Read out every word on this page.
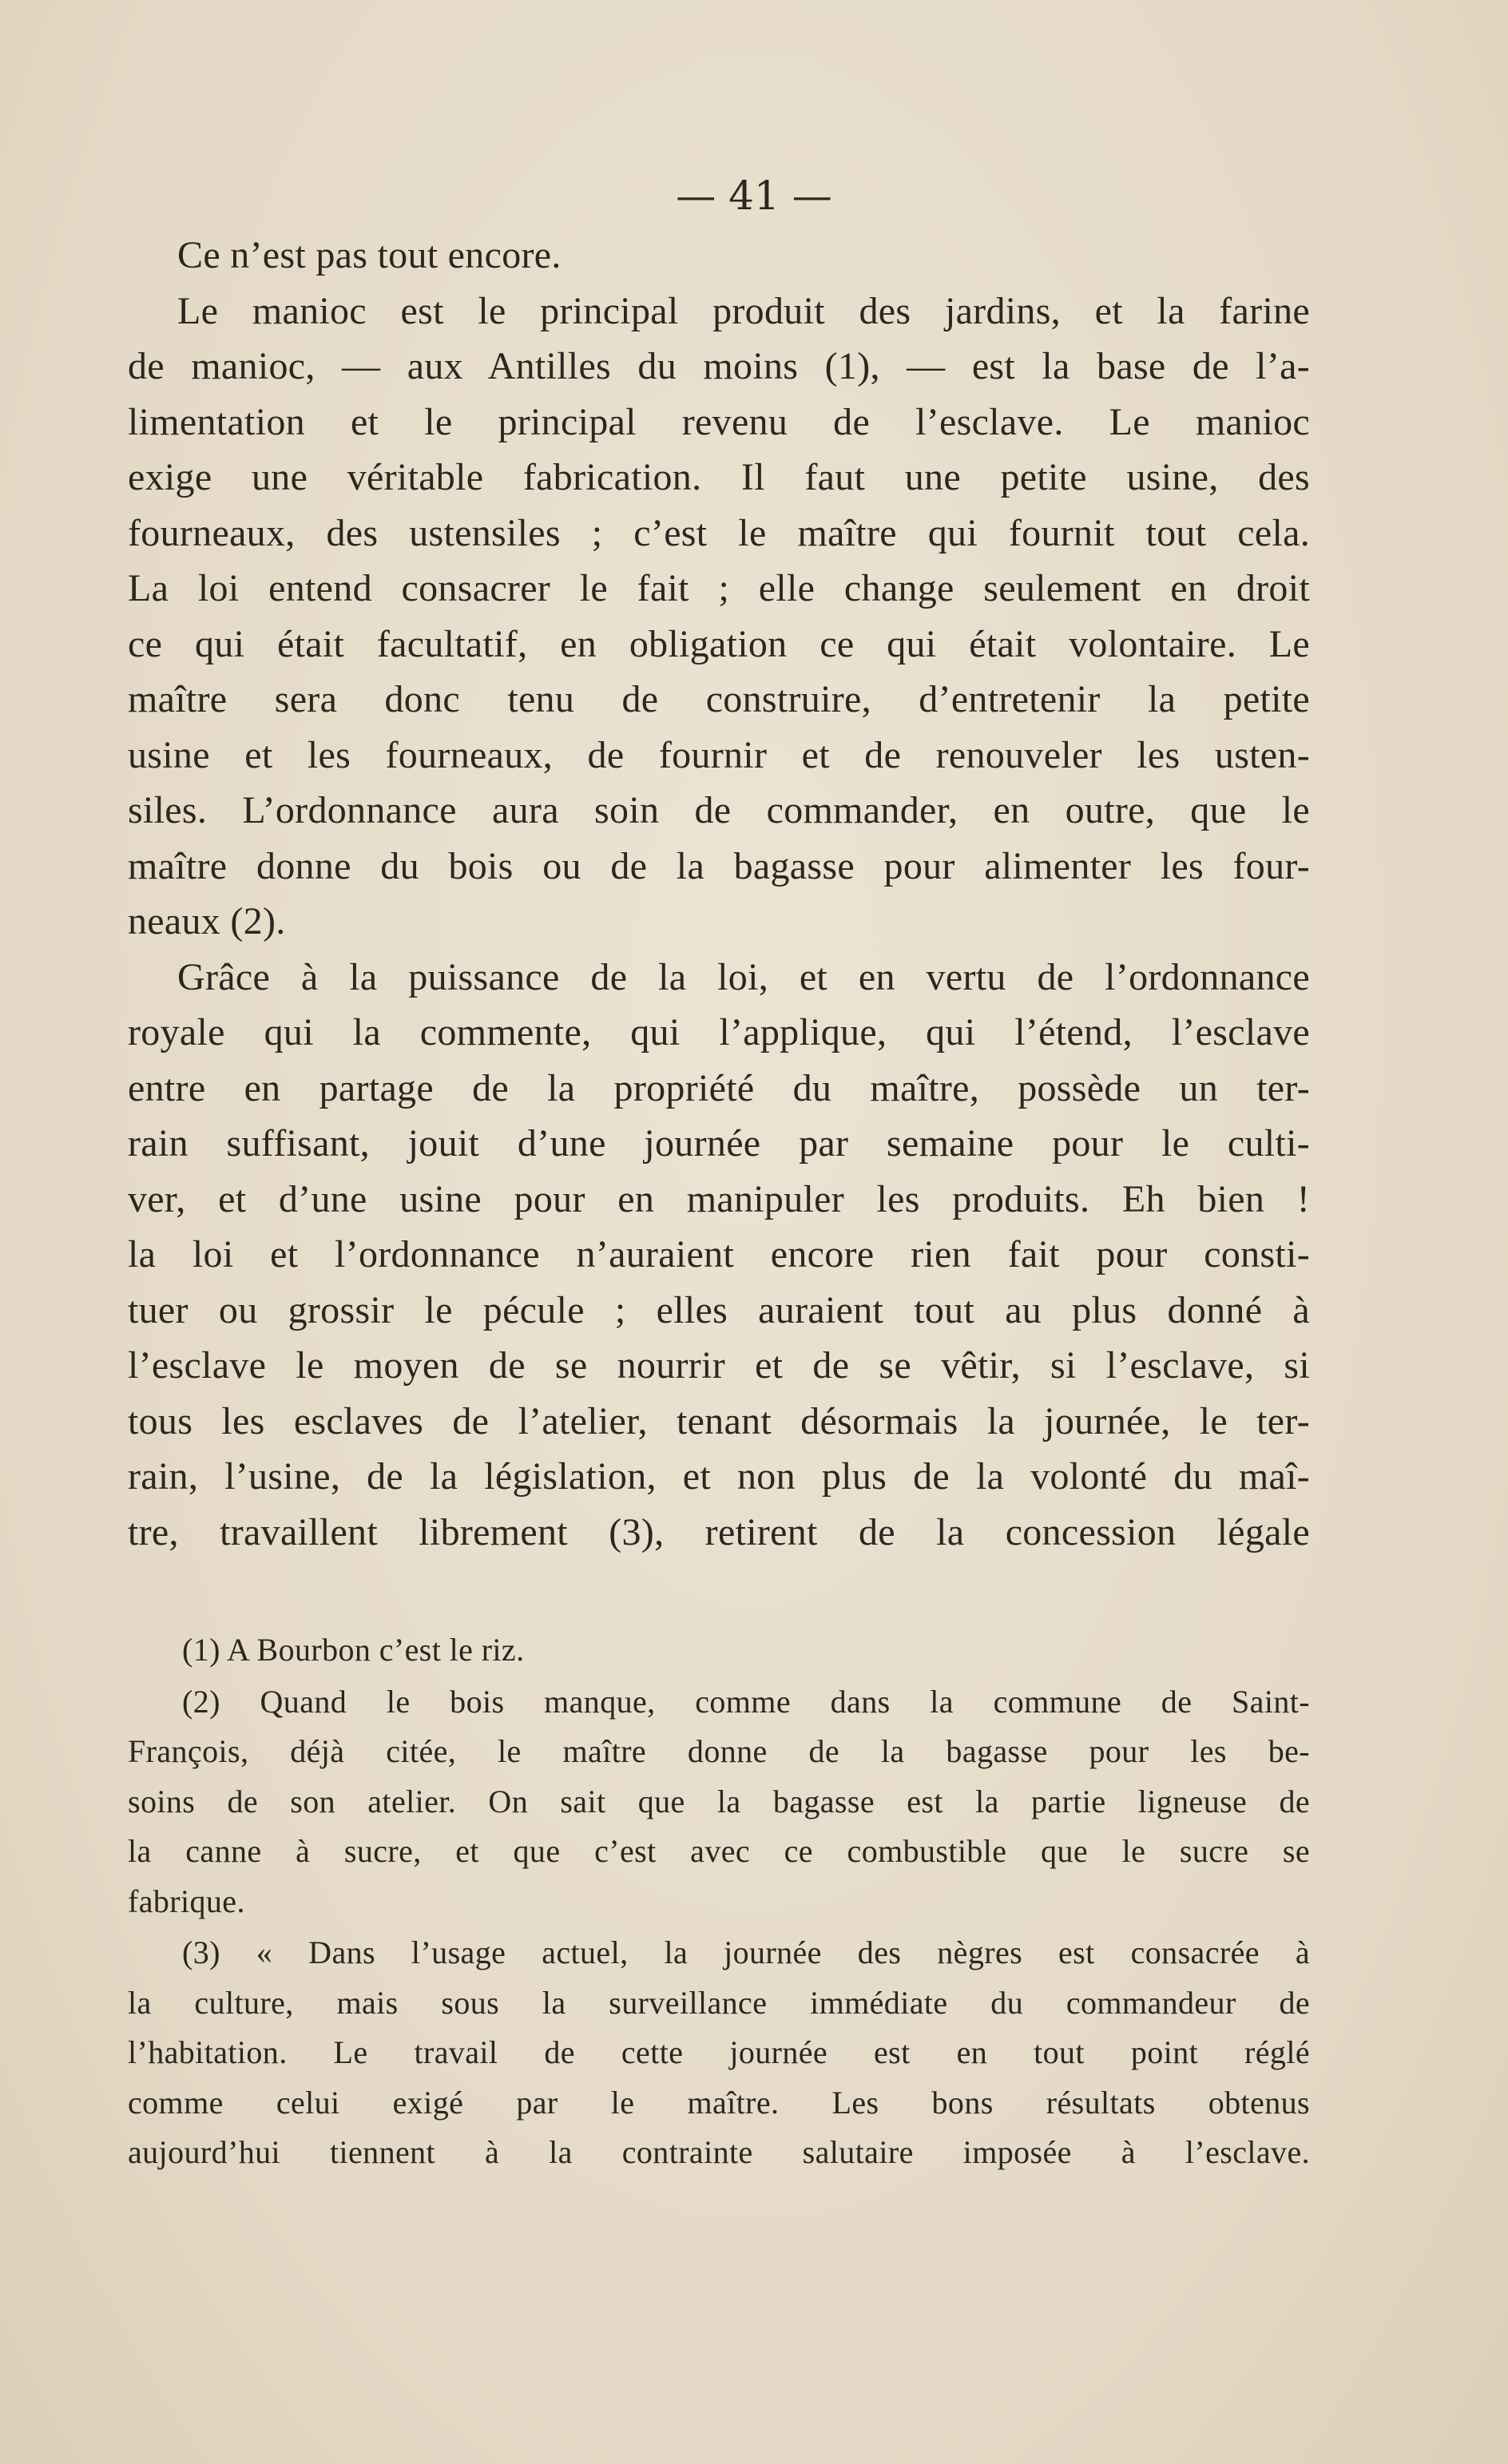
— 41 —
Ce n’est pas tout encore.
Le manioc est le principal produit des jardins, et la farine
de manioc, — aux Antilles du moins (1), — est la base de l’a-
limentation et le principal revenu de l’esclave. Le manioc
exige une véritable fabrication. Il faut une petite usine, des
fourneaux, des ustensiles ; c’est le maître qui fournit tout cela.
La loi entend consacrer le fait ; elle change seulement en droit
ce qui était facultatif, en obligation ce qui était volontaire. Le
maître sera donc tenu de construire, d’entretenir la petite
usine et les fourneaux, de fournir et de renouveler les usten-
siles. L’ordonnance aura soin de commander, en outre, que le
maître donne du bois ou de la bagasse pour alimenter les four-
neaux (2).
Grâce à la puissance de la loi, et en vertu de l’ordonnance
royale qui la commente, qui l’applique, qui l’étend, l’esclave
entre en partage de la propriété du maître, possède un ter-
rain suffisant, jouit d’une journée par semaine pour le culti-
ver, et d’une usine pour en manipuler les produits. Eh bien !
la loi et l’ordonnance n’auraient encore rien fait pour consti-
tuer ou grossir le pécule ; elles auraient tout au plus donné à
l’esclave le moyen de se nourrir et de se vêtir, si l’esclave, si
tous les esclaves de l’atelier, tenant désormais la journée, le ter-
rain, l’usine, de la législation, et non plus de la volonté du maî-
tre, travaillent librement (3), retirent de la concession légale
(1) A Bourbon c’est le riz.
(2) Quand le bois manque, comme dans la commune de Saint-
François, déjà citée, le maître donne de la bagasse pour les be-
soins de son atelier. On sait que la bagasse est la partie ligneuse de
la canne à sucre, et que c’est avec ce combustible que le sucre se
fabrique.
(3) « Dans l’usage actuel, la journée des nègres est consacrée à
la culture, mais sous la surveillance immédiate du commandeur de
l’habitation. Le travail de cette journée est en tout point réglé
comme celui exigé par le maître. Les bons résultats obtenus
aujourd’hui tiennent à la contrainte salutaire imposée à l’esclave.
